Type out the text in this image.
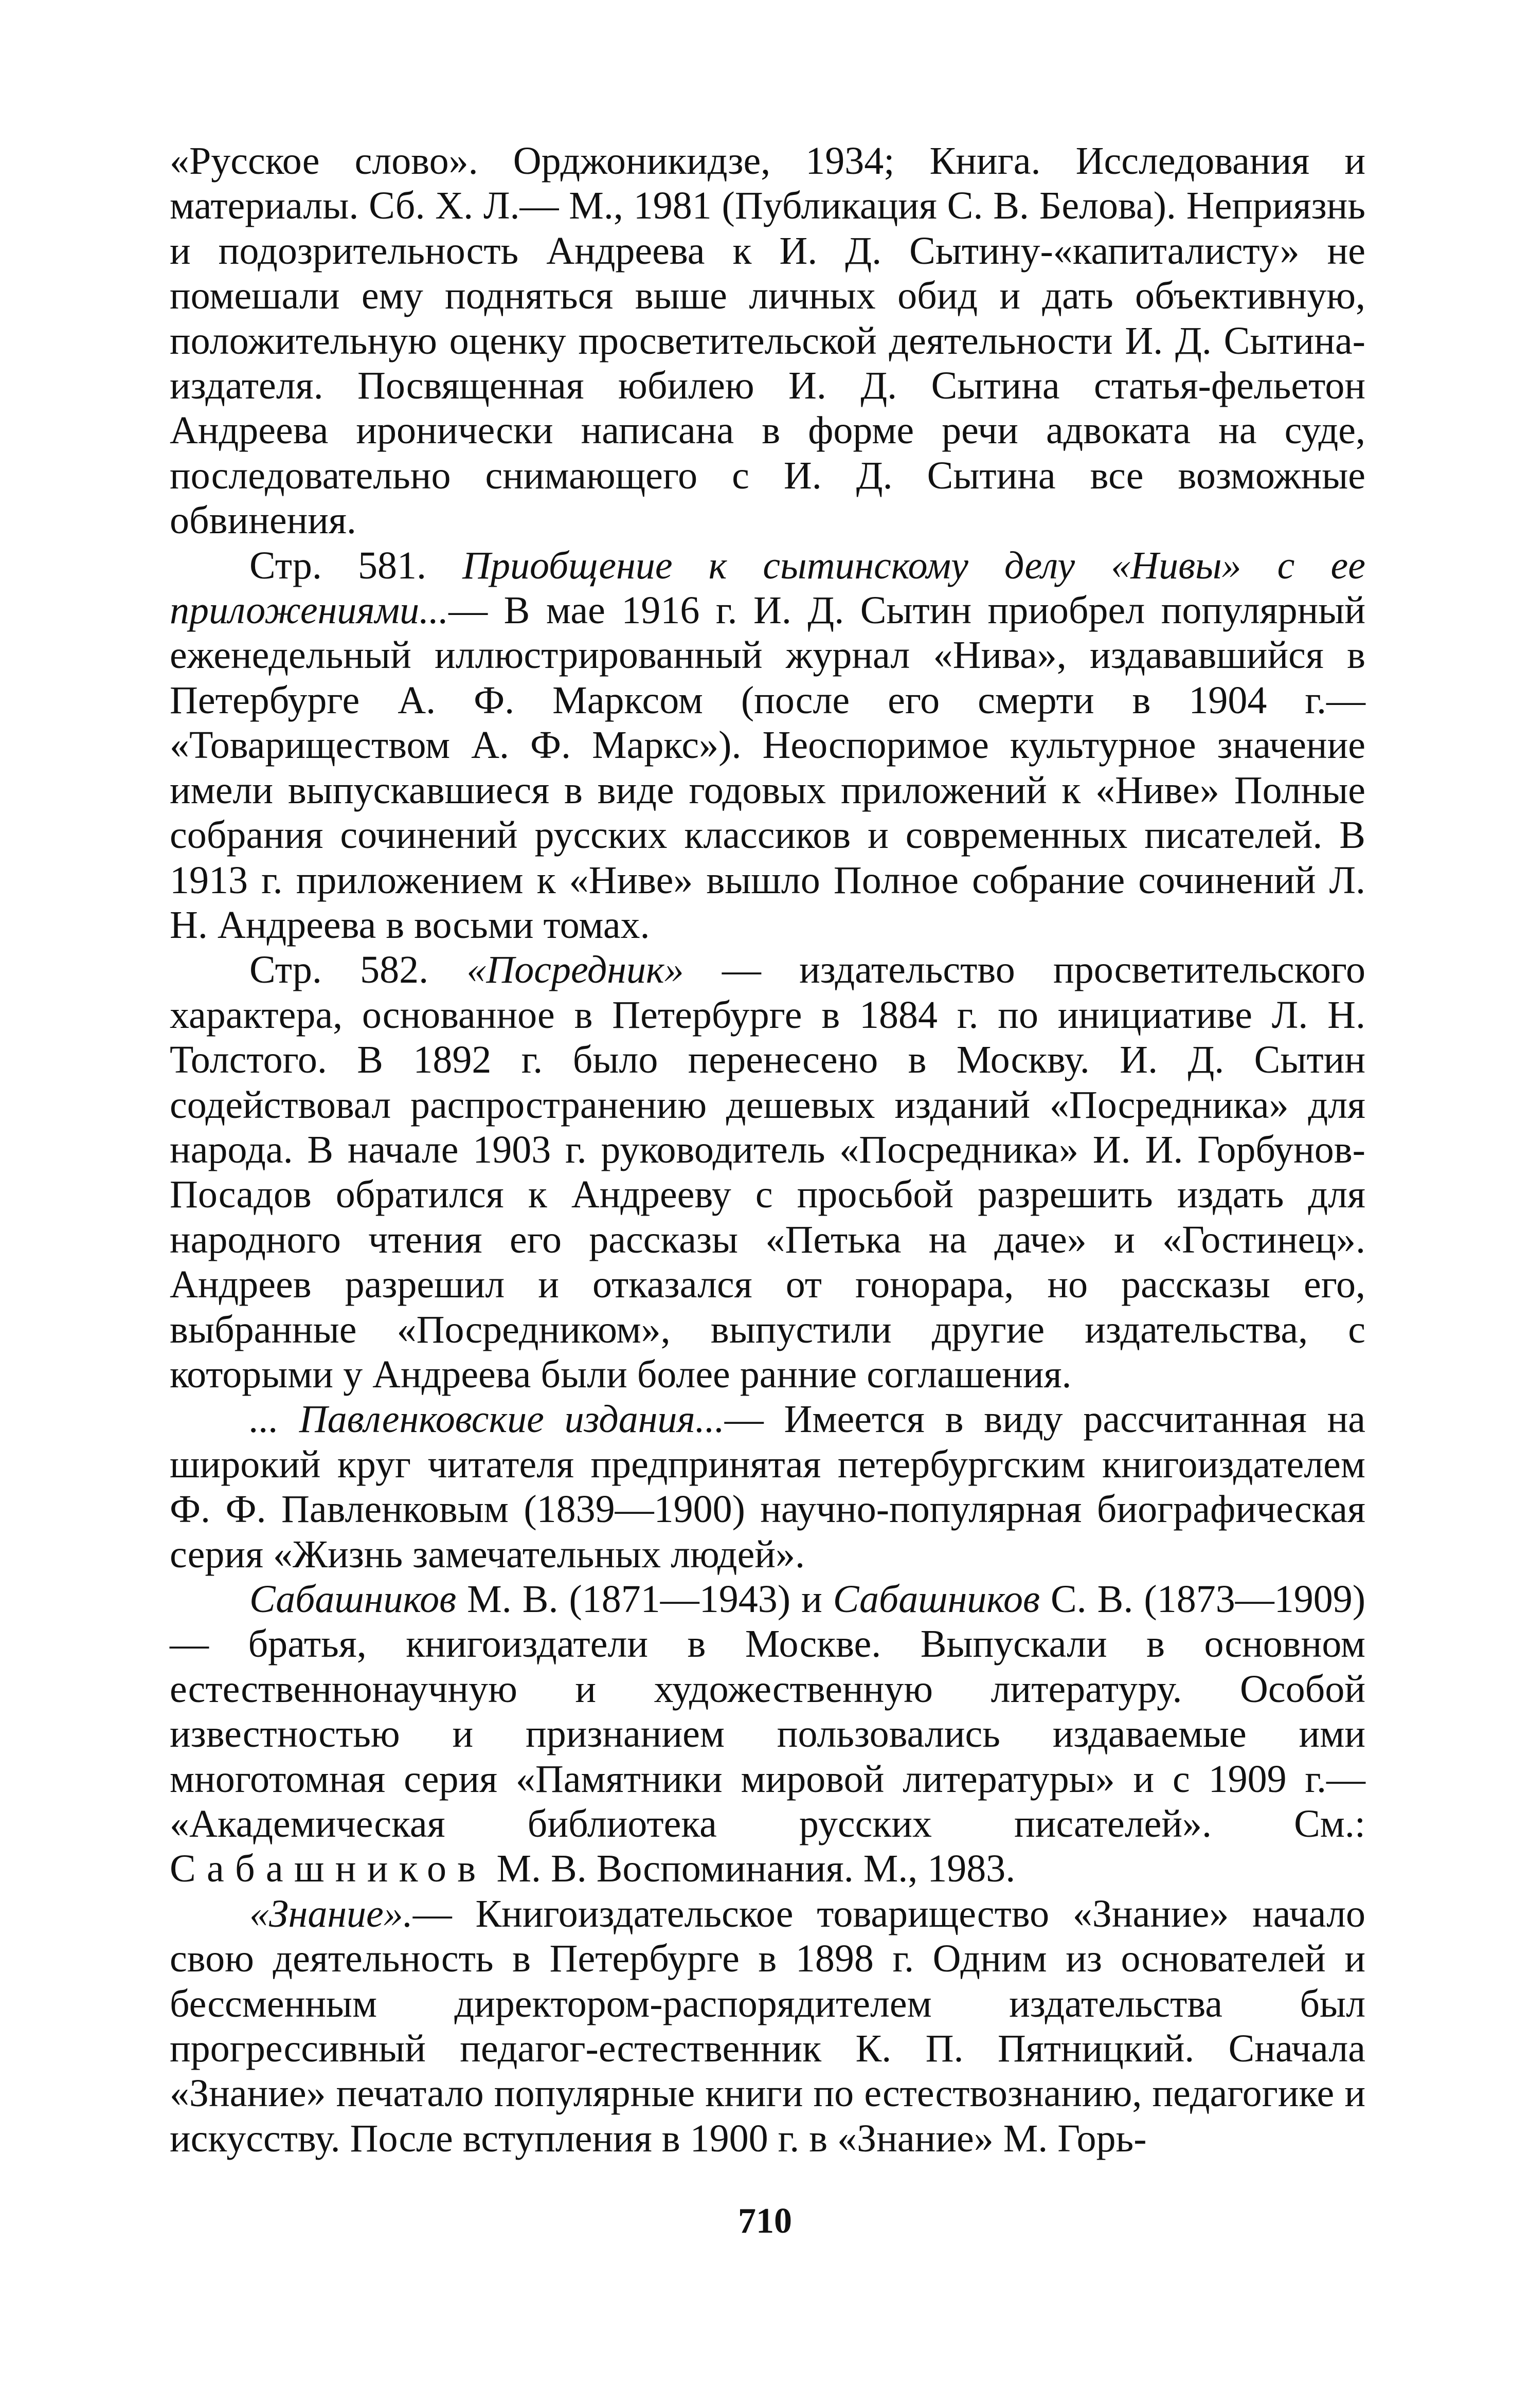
«Русское слово». Орджоникидзе, 1934; Книга. Исследования и материалы. Сб. X. Л.— М., 1981 (Публикация С. В. Белова). Неприязнь и подозрительность Андреева к И. Д. Сытину-«капиталисту» не помешали ему подняться выше личных обид и дать объективную, положительную оценку просветительской деятельности И. Д. Сытина-издателя. Посвященная юбилею И. Д. Сытина статья-фельетон Андреева иронически написана в форме речи адвоката на суде, последовательно снимающего с И. Д. Сытина все возможные обвинения.

Стр. 581. Приобщение к сытинскому делу «Нивы» с ее приложениями...— В мае 1916 г. И. Д. Сытин приобрел популярный еженедельный иллюстрированный журнал «Нива», издававшийся в Петербурге А. Ф. Марксом (после его смерти в 1904 г.— «Товариществом А. Ф. Маркс»). Неоспоримое культурное значение имели выпускавшиеся в виде годовых приложений к «Ниве» Полные собрания сочинений русских классиков и современных писателей. В 1913 г. приложением к «Ниве» вышло Полное собрание сочинений Л. Н. Андреева в восьми томах.

Стр. 582. «Посредник» — издательство просветительского характера, основанное в Петербурге в 1884 г. по инициативе Л. Н. Толстого. В 1892 г. было перенесено в Москву. И. Д. Сытин содействовал распространению дешевых изданий «Посредника» для народа. В начале 1903 г. руководитель «Посредника» И. И. Горбунов-Посадов обратился к Андрееву с просьбой разрешить издать для народного чтения его рассказы «Петька на даче» и «Гостинец». Андреев разрешил и отказался от гонорара, но рассказы его, выбранные «Посредником», выпустили другие издательства, с которыми у Андреева были более ранние соглашения.

... Павленковские издания...— Имеется в виду рассчитанная на широкий круг читателя предпринятая петербургским книгоиздателем Ф. Ф. Павленковым (1839—1900) научно-популярная биографическая серия «Жизнь замечательных людей».

Сабашников М. В. (1871—1943) и Сабашников С. В. (1873—1909) — братья, книгоиздатели в Москве. Выпускали в основном естественнонаучную и художественную литературу. Особой известностью и признанием пользовались издаваемые ими многотомная серия «Памятники мировой литературы» и с 1909 г.— «Академическая библиотека русских писателей». См.: Сабашников М. В. Воспоминания. М., 1983.

«Знание».— Книгоиздательское товарищество «Знание» начало свою деятельность в Петербурге в 1898 г. Одним из основателей и бессменным директором-распорядителем издательства был прогрессивный педагог-естественник К. П. Пятницкий. Сначала «Знание» печатало популярные книги по естествознанию, педагогике и искусству. После вступления в 1900 г. в «Знание» М. Горь-

710
